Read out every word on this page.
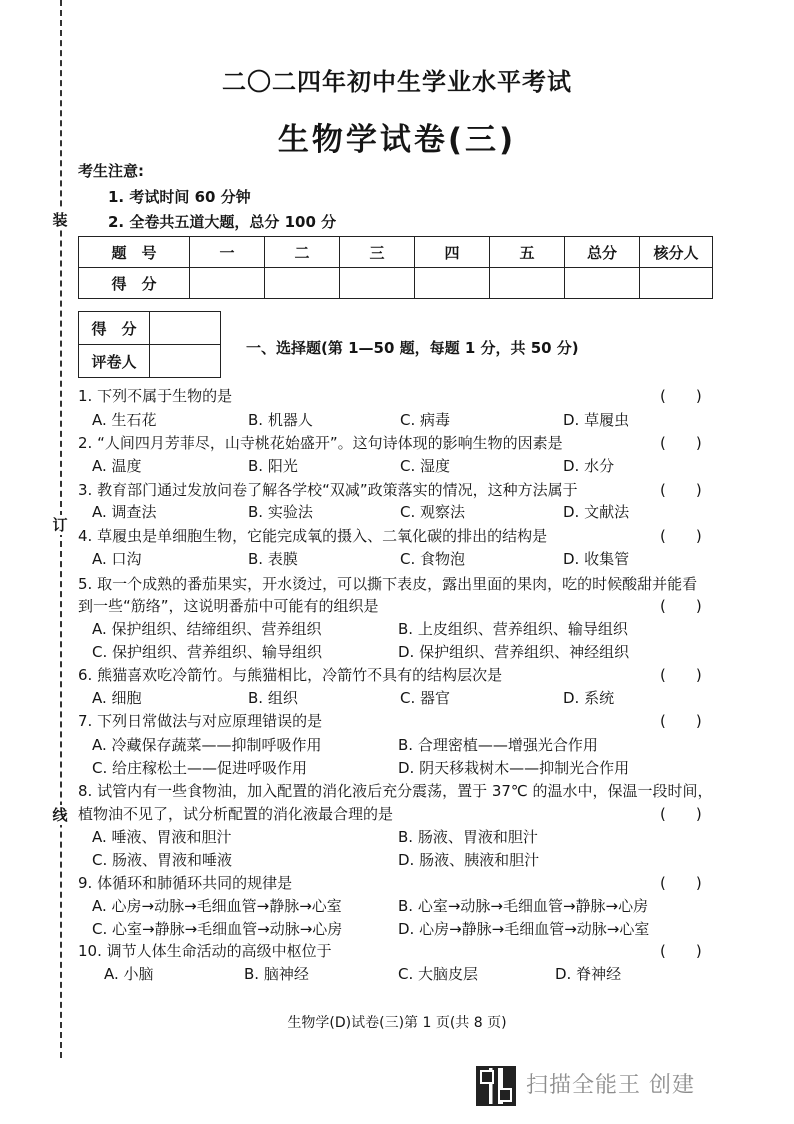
装
订
线
二〇二四年初中生学业水平考试
生物学试卷(三)
考生注意:
1. 考试时间 60 分钟
2. 全卷共五道大题，总分 100 分
题　号	一	二	三	四	五	总分	核分人
得　分							
得　分	
评卷人	
一、选择题(第 1—50 题，每题 1 分，共 50 分)
1. 下列不属于生物的是	(　　)
A. 生石花	B. 机器人	C. 病毒	D. 草履虫
2. “人间四月芳菲尽，山寺桃花始盛开”。这句诗体现的影响生物的因素是	(　　)
A. 温度	B. 阳光	C. 湿度	D. 水分
3. 教育部门通过发放问卷了解各学校“双减”政策落实的情况，这种方法属于	(　　)
A. 调查法	B. 实验法	C. 观察法	D. 文献法
4. 草履虫是单细胞生物，它能完成氧的摄入、二氧化碳的排出的结构是	(　　)
A. 口沟	B. 表膜	C. 食物泡	D. 收集管
5. 取一个成熟的番茄果实，开水烫过，可以撕下表皮，露出里面的果肉，吃的时候酸甜并能看
到一些“筋络”，这说明番茄中可能有的组织是	(　　)
A. 保护组织、结缔组织、营养组织	B. 上皮组织、营养组织、输导组织
C. 保护组织、营养组织、输导组织	D. 保护组织、营养组织、神经组织
6. 熊猫喜欢吃冷箭竹。与熊猫相比，冷箭竹不具有的结构层次是	(　　)
A. 细胞	B. 组织	C. 器官	D. 系统
7. 下列日常做法与对应原理错误的是	(　　)
A. 冷藏保存蔬菜——抑制呼吸作用	B. 合理密植——增强光合作用
C. 给庄稼松土——促进呼吸作用	D. 阴天移栽树木——抑制光合作用
8. 试管内有一些食物油，加入配置的消化液后充分震荡，置于 37℃ 的温水中，保温一段时间，
植物油不见了，试分析配置的消化液最合理的是	(　　)
A. 唾液、胃液和胆汁	B. 肠液、胃液和胆汁
C. 肠液、胃液和唾液	D. 肠液、胰液和胆汁
9. 体循环和肺循环共同的规律是	(　　)
A. 心房→动脉→毛细血管→静脉→心室	B. 心室→动脉→毛细血管→静脉→心房
C. 心室→静脉→毛细血管→动脉→心房	D. 心房→静脉→毛细血管→动脉→心室
10. 调节人体生命活动的高级中枢位于	(　　)
A. 小脑	B. 脑神经	C. 大脑皮层	D. 脊神经
生物学(D)试卷(三)第 1 页(共 8 页)
扫描全能王 创建
